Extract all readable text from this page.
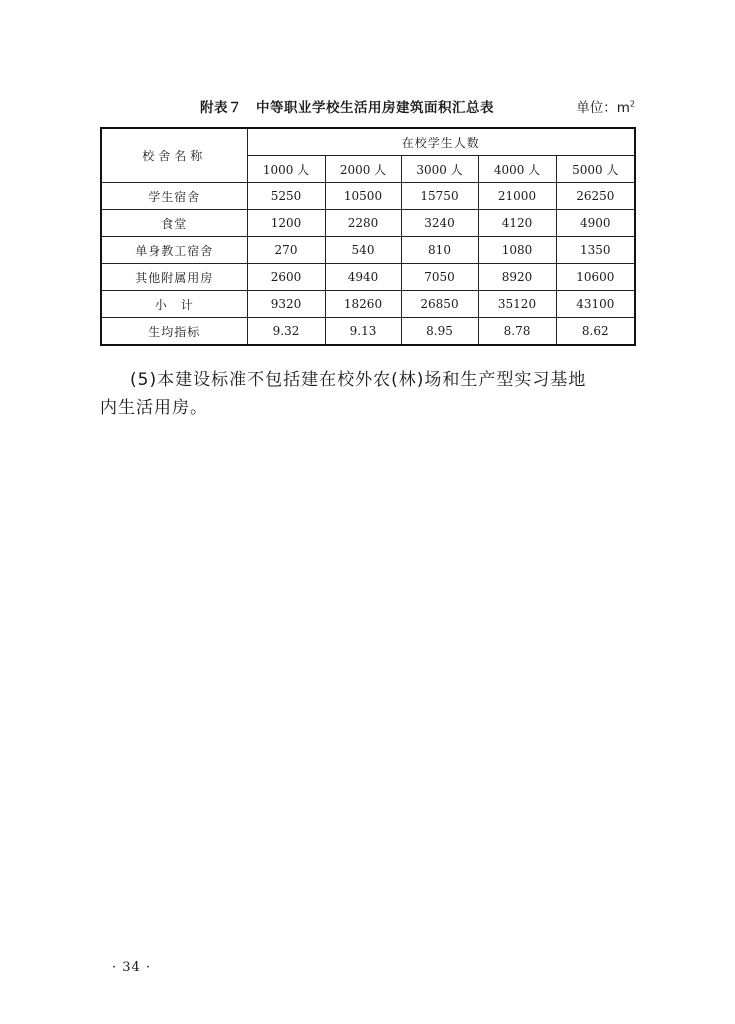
附表７　中等职业学校生活用房建筑面积汇总表	单位：$m^2$
校舍名称	在校学生人数				
	1000 人	2000 人	3000 人	4000 人	5000 人
学生宿舍	5250	10500	15750	21000	26250
食堂	1200	2280	3240	4120	4900
单身教工宿舍	270	540	810	1080	1350
其他附属用房	2600	4940	7050	8920	10600
小　计	9320	18260	26850	35120	43100
生均指标	9.32	9.13	8.95	8.78	8.62
(5)本建设标准不包括建在校外农(林)场和生产型实习基地
内生活用房。
· 34 ·
